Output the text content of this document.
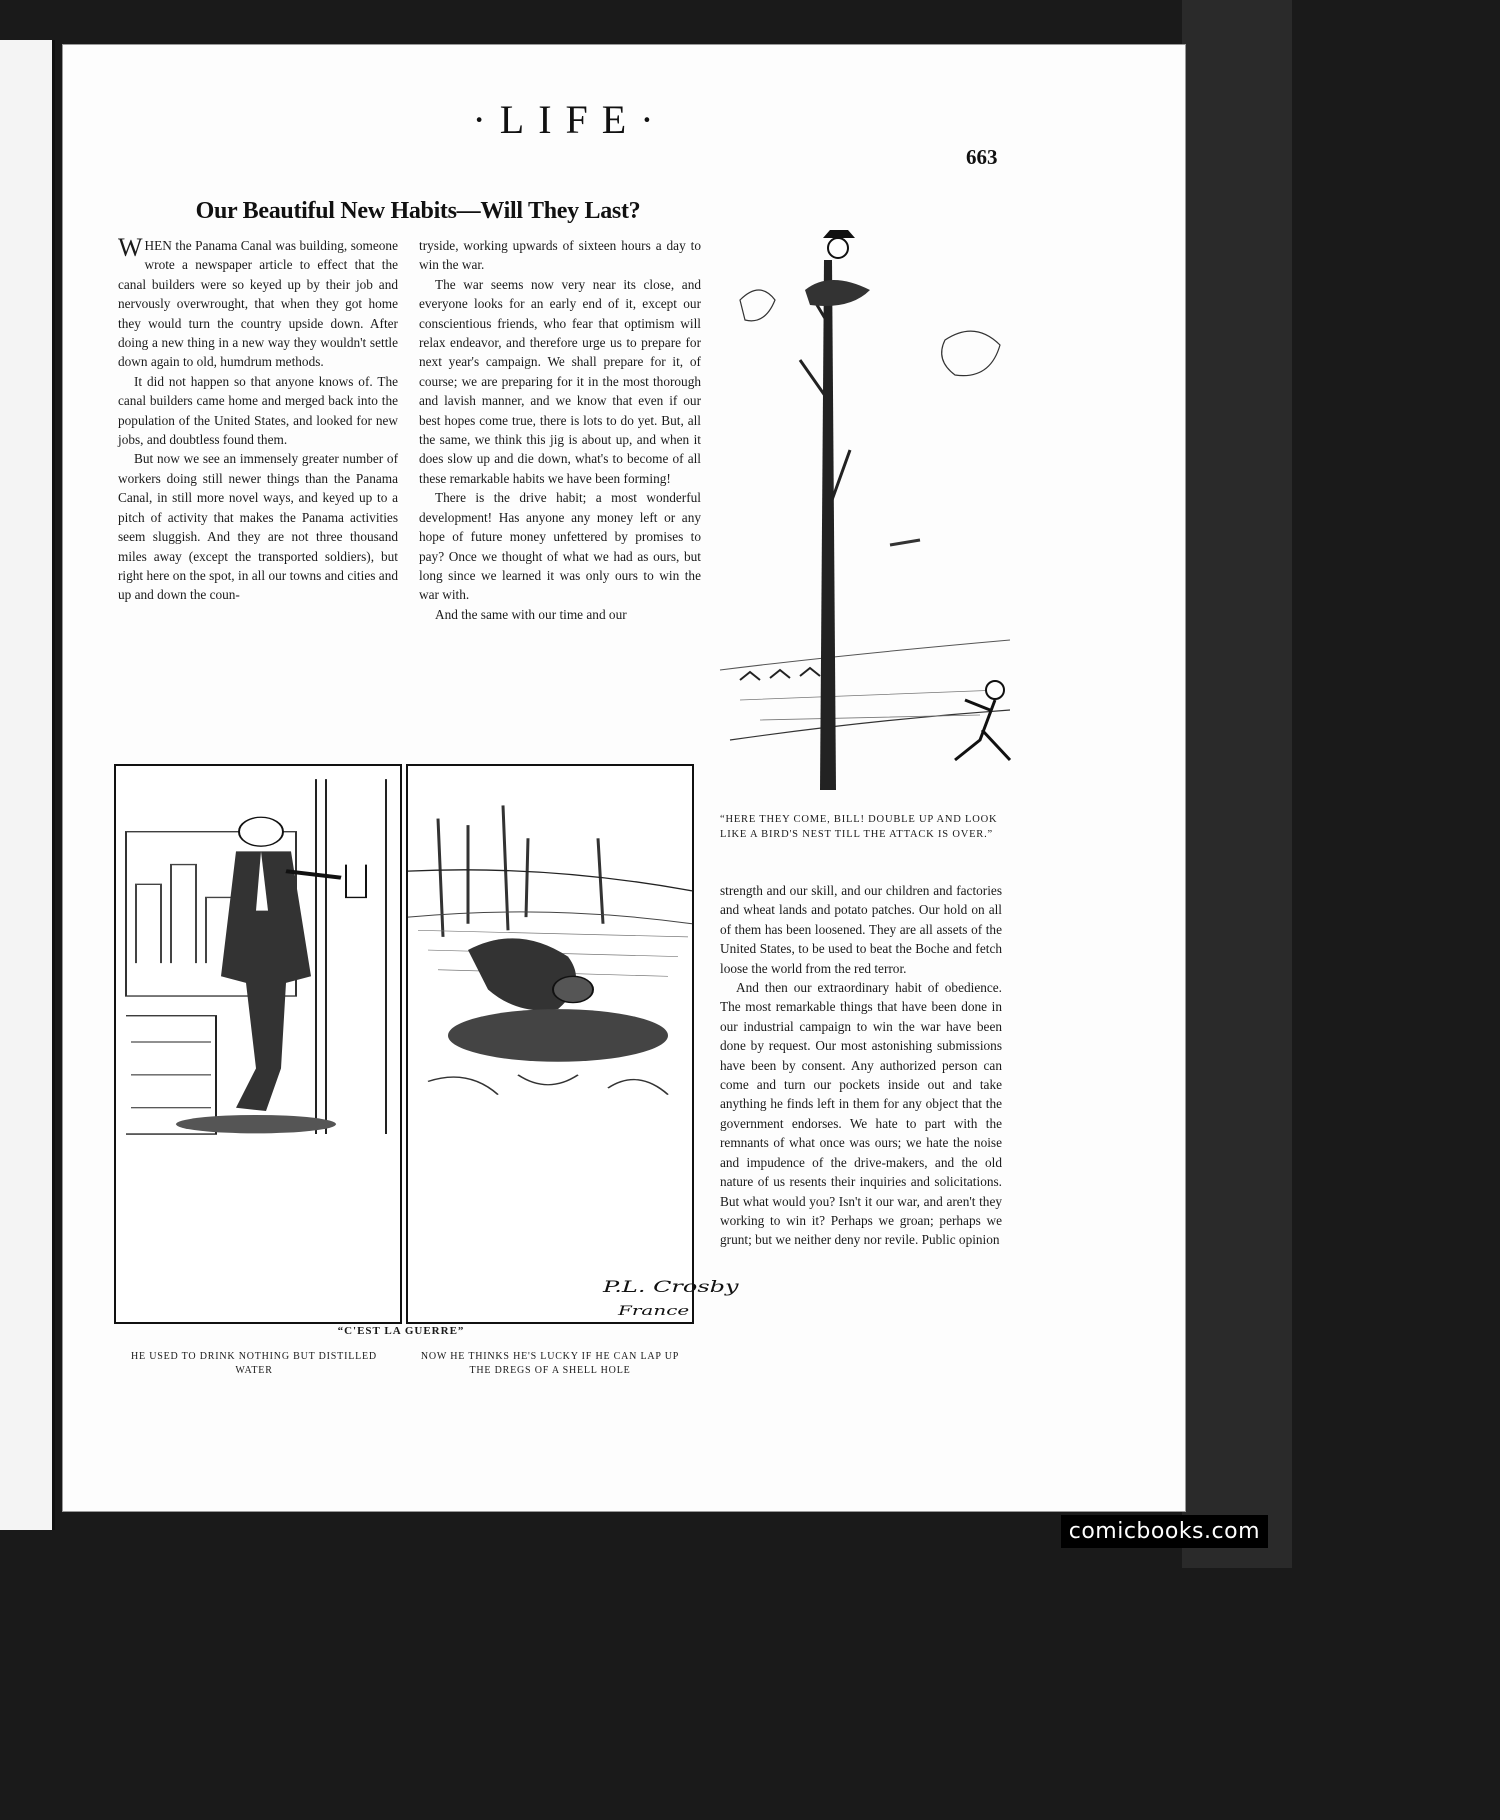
·LIFE·
663
Our Beautiful New Habits—Will They Last?

WHEN the Panama Canal was building, someone wrote a newspaper article to effect that the canal builders were so keyed up by their job and nervously overwrought, that when they got home they would turn the country upside down. After doing a new thing in a new way they wouldn't settle down again to old, humdrum methods.

It did not happen so that anyone knows of. The canal builders came home and merged back into the population of the United States, and looked for new jobs, and doubtless found them.

But now we see an immensely greater number of workers doing still newer things than the Panama Canal, in still more novel ways, and keyed up to a pitch of activity that makes the Panama activities seem sluggish. And they are not three thousand miles away (except the transported soldiers), but right here on the spot, in all our towns and cities and up and down the coun-

tryside, working upwards of sixteen hours a day to win the war.

The war seems now very near its close, and everyone looks for an early end of it, except our conscientious friends, who fear that optimism will relax endeavor, and therefore urge us to prepare for next year's campaign. We shall prepare for it, of course; we are preparing for it in the most thorough and lavish manner, and we know that even if our best hopes come true, there is lots to do yet. But, all the same, we think this jig is about up, and when it does slow up and die down, what's to become of all these remarkable habits we have been forming!

There is the drive habit; a most wonderful development! Has anyone any money left or any hope of future money unfettered by promises to pay? Once we thought of what we had as ours, but long since we learned it was only ours to win the war with.

And the same with our time and our

“HERE THEY COME, BILL! DOUBLE UP AND LOOK LIKE A BIRD'S NEST TILL THE ATTACK IS OVER.”

strength and our skill, and our children and factories and wheat lands and potato patches. Our hold on all of them has been loosened. They are all assets of the United States, to be used to beat the Boche and fetch loose the world from the red terror.

And then our extraordinary habit of obedience. The most remarkable things that have been done in our industrial campaign to win the war have been done by request. Our most astonishing submissions have been by consent. Any authorized person can come and turn our pockets inside out and take anything he finds left in them for any object that the government endorses. We hate to part with the remnants of what once was ours; we hate the noise and impudence of the drive-makers, and the old nature of us resents their inquiries and solicitations. But what would you? Isn't it our war, and aren't they working to win it? Perhaps we groan; perhaps we grunt; but we neither deny nor revile. Public opinion

P.L. Crosby
France
“C'EST LA GUERRE”
HE USED TO DRINK NOTHING BUT DISTILLED WATER
NOW HE THINKS HE'S LUCKY IF HE CAN LAP UP THE DREGS OF A SHELL HOLE
comicbooks.com
